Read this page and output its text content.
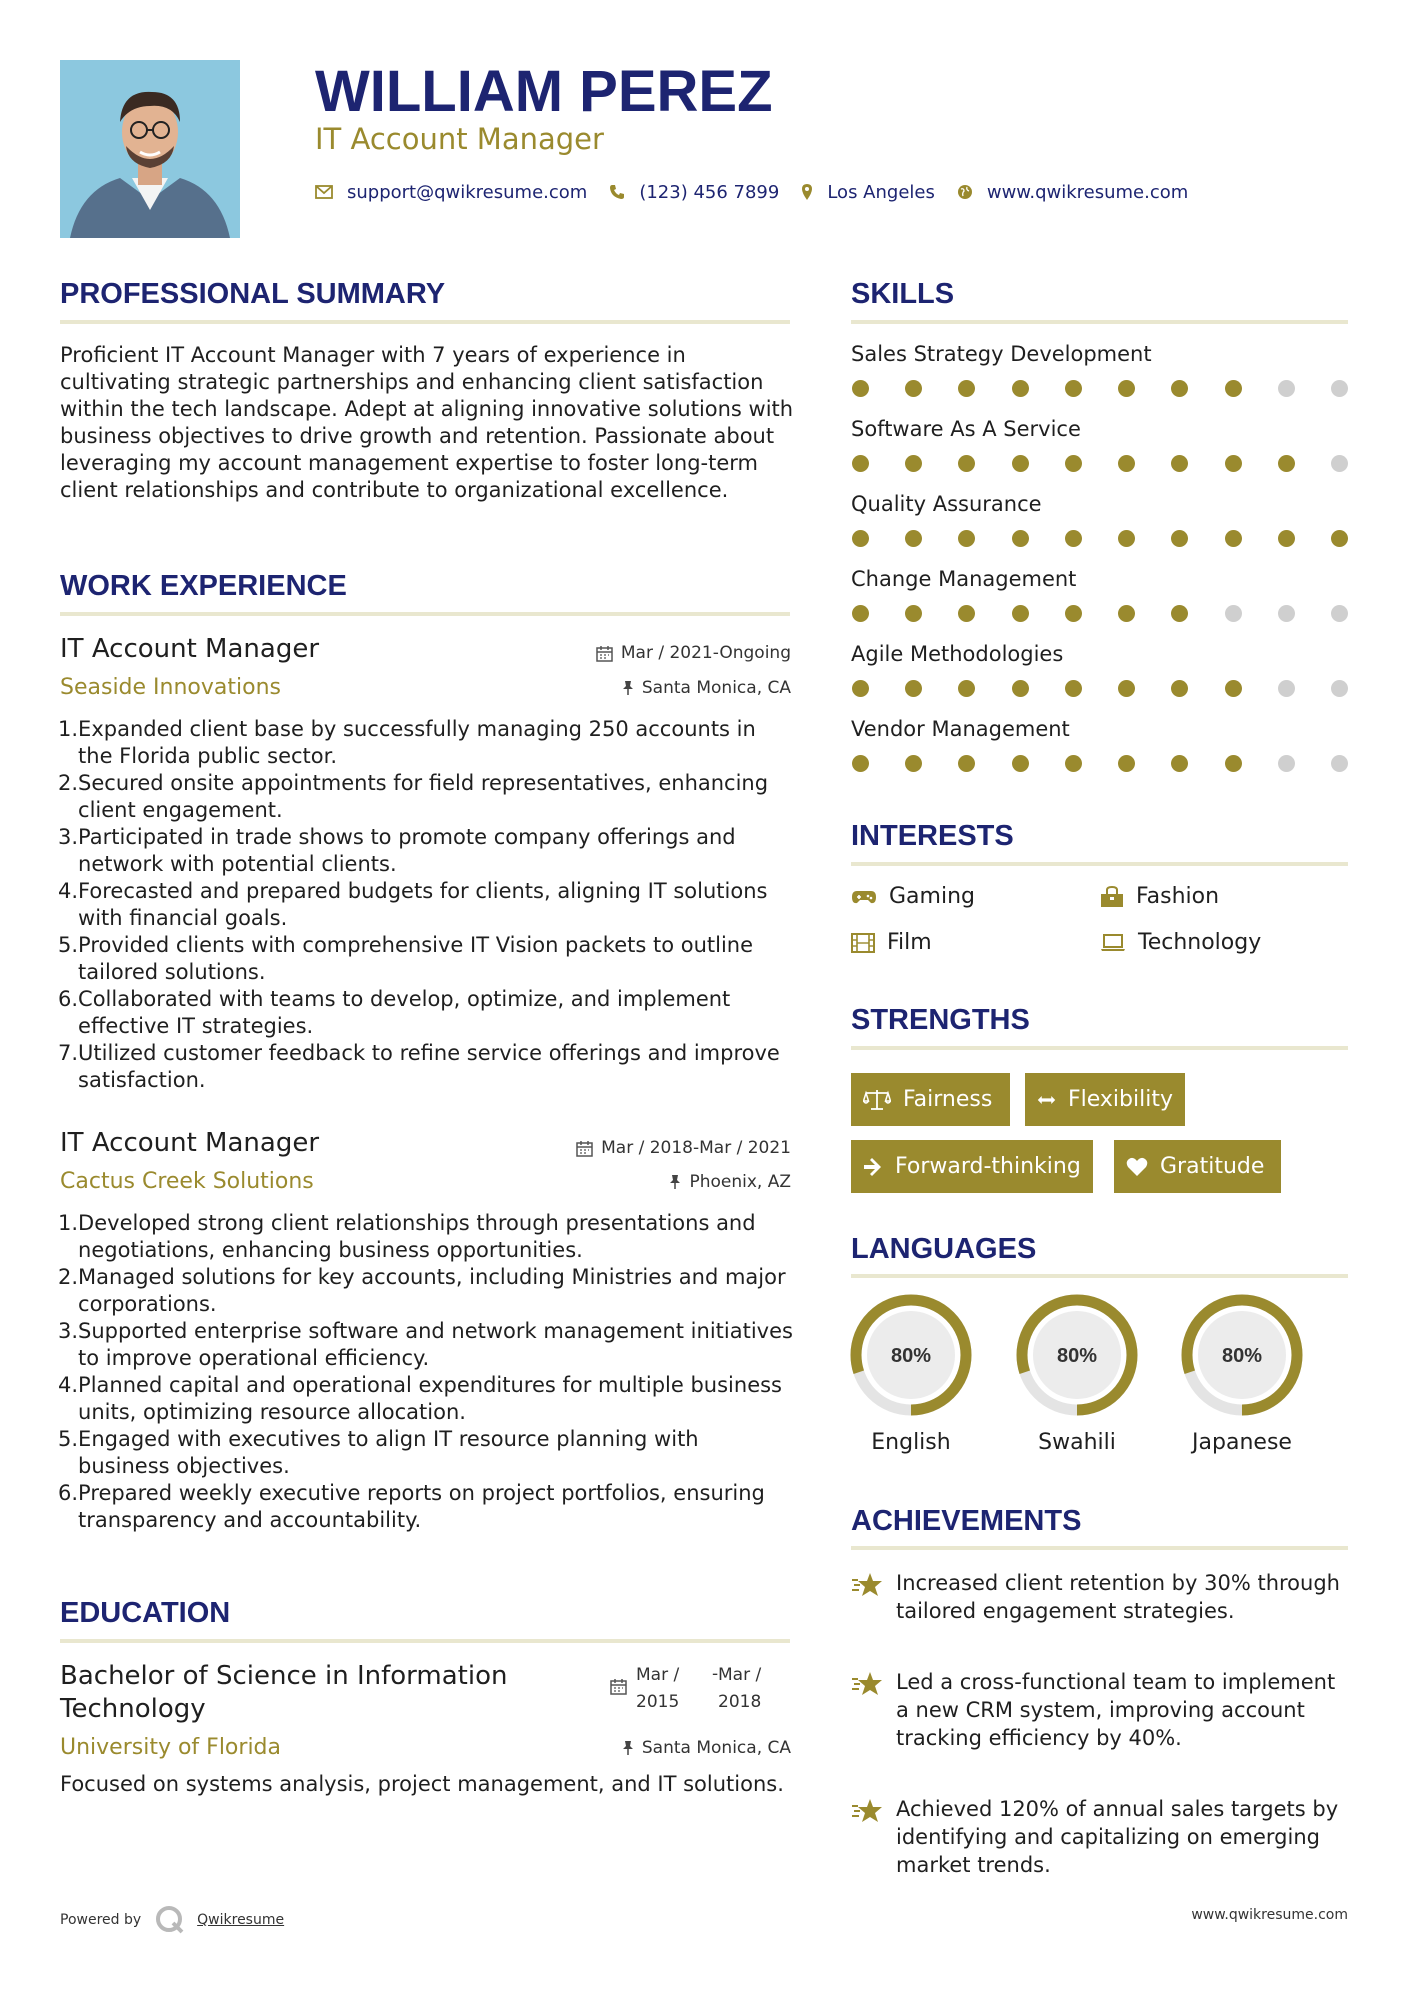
WILLIAM PEREZ
IT Account Manager
support@qwikresume.com	(123) 456 7899	Los Angeles	www.qwikresume.com
PROFESSIONAL SUMMARY
Proficient IT Account Manager with 7 years of experience in cultivating strategic partnerships and enhancing client satisfaction within the tech landscape. Adept at aligning innovative solutions with business objectives to drive growth and retention. Passionate about leveraging my account management expertise to foster long-term client relationships and contribute to organizational excellence.
WORK EXPERIENCE
IT Account Manager	Mar / 2021-Ongoing
Seaside Innovations	Santa Monica, CA
1. Expanded client base by successfully managing 250 accounts in the Florida public sector.
2. Secured onsite appointments for field representatives, enhancing client engagement.
3. Participated in trade shows to promote company offerings and network with potential clients.
4. Forecasted and prepared budgets for clients, aligning IT solutions with financial goals.
5. Provided clients with comprehensive IT Vision packets to outline tailored solutions.
6. Collaborated with teams to develop, optimize, and implement effective IT strategies.
7. Utilized customer feedback to refine service offerings and improve satisfaction.
IT Account Manager	Mar / 2018-Mar / 2021
Cactus Creek Solutions	Phoenix, AZ
1. Developed strong client relationships through presentations and negotiations, enhancing business opportunities.
2. Managed solutions for key accounts, including Ministries and major corporations.
3. Supported enterprise software and network management initiatives to improve operational efficiency.
4. Planned capital and operational expenditures for multiple business units, optimizing resource allocation.
5. Engaged with executives to align IT resource planning with business objectives.
6. Prepared weekly executive reports on project portfolios, ensuring transparency and accountability.
EDUCATION
Bachelor of Science in Information Technology
Mar /
2015
- Mar /
2018
University of Florida	Santa Monica, CA
Focused on systems analysis, project management, and IT solutions.
SKILLS
Sales Strategy Development
Software As A Service
Quality Assurance
Change Management
Agile Methodologies
Vendor Management
INTERESTS
Gaming	Fashion
Film	Technology
STRENGTHS
Fairness	Flexibility
Forward-thinking	Gratitude
LANGUAGES
80%
English
80%
Swahili
80%
Japanese
ACHIEVEMENTS
Increased client retention by 30% through tailored engagement strategies.
Led a cross-functional team to implement a new CRM system, improving account tracking efficiency by 40%.
Achieved 120% of annual sales targets by identifying and capitalizing on emerging market trends.
Powered by	Qwikresume	www.qwikresume.com
